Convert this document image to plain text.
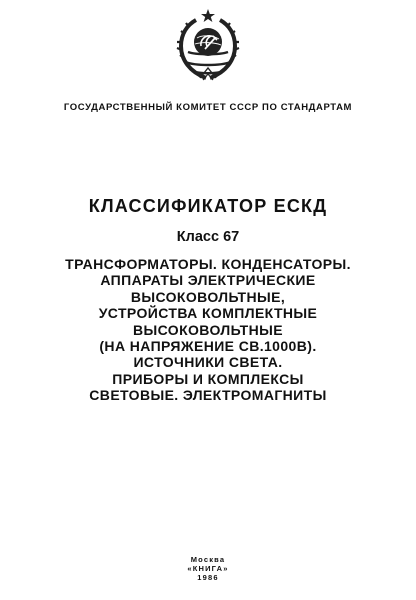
ГОСУДАРСТВЕННЫЙ КОМИТЕТ СССР ПО СТАНДАРТАМ
КЛАССИФИКАТОР ЕСКД
Класс 67
ТРАНСФОРМАТОРЫ. КОНДЕНСАТОРЫ.
АППАРАТЫ ЭЛЕКТРИЧЕСКИЕ
ВЫСОКОВОЛЬТНЫЕ,
УСТРОЙСТВА КОМПЛЕКТНЫЕ
ВЫСОКОВОЛЬТНЫЕ
(НА НАПРЯЖЕНИЕ СВ.1000В).
ИСТОЧНИКИ СВЕТА.
ПРИБОРЫ И КОМПЛЕКСЫ
СВЕТОВЫЕ. ЭЛЕКТРОМАГНИТЫ
Москва
«КНИГА»
1986
